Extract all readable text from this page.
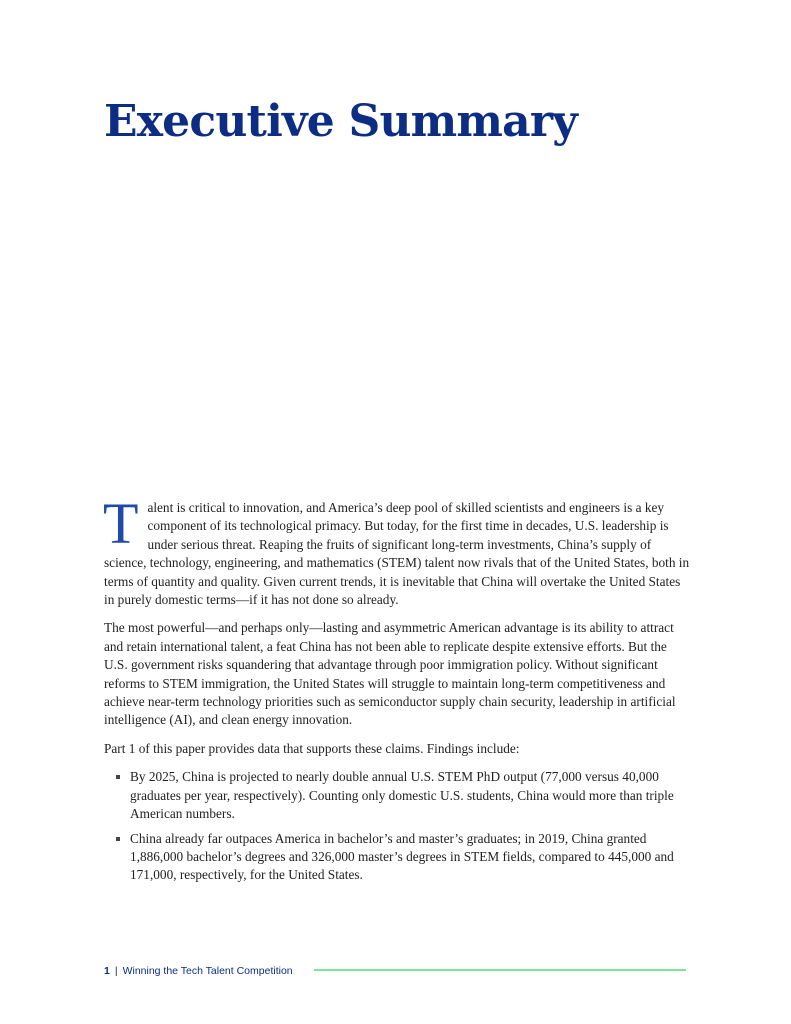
Executive Summary

Talent is critical to innovation, and America’s deep pool of skilled scientists and engineers is a key component of its technological primacy. But today, for the first time in decades, U.S. leadership is under serious threat. Reaping the fruits of significant long-term investments, China’s supply of science, technology, engineering, and mathematics (STEM) talent now rivals that of the United States, both in terms of quantity and quality. Given current trends, it is inevitable that China will overtake the United States in purely domestic terms—if it has not done so already.

The most powerful—and perhaps only—lasting and asymmetric American advantage is its ability to attract and retain international talent, a feat China has not been able to replicate despite extensive efforts. But the U.S. government risks squandering that advantage through poor immigration policy. Without significant reforms to STEM immigration, the United States will struggle to maintain long-term competitiveness and achieve near-term technology priorities such as semiconductor supply chain security, leadership in artificial intelligence (AI), and clean energy innovation.

Part 1 of this paper provides data that supports these claims. Findings include:

By 2025, China is projected to nearly double annual U.S. STEM PhD output (77,000 versus 40,000 graduates per year, respectively). Counting only domestic U.S. students, China would more than triple American numbers.
China already far outpaces America in bachelor’s and master’s graduates; in 2019, China granted 1,886,000 bachelor’s degrees and 326,000 master’s degrees in STEM fields, compared to 445,000 and 171,000, respectively, for the United States.
1 | Winning the Tech Talent Competition
